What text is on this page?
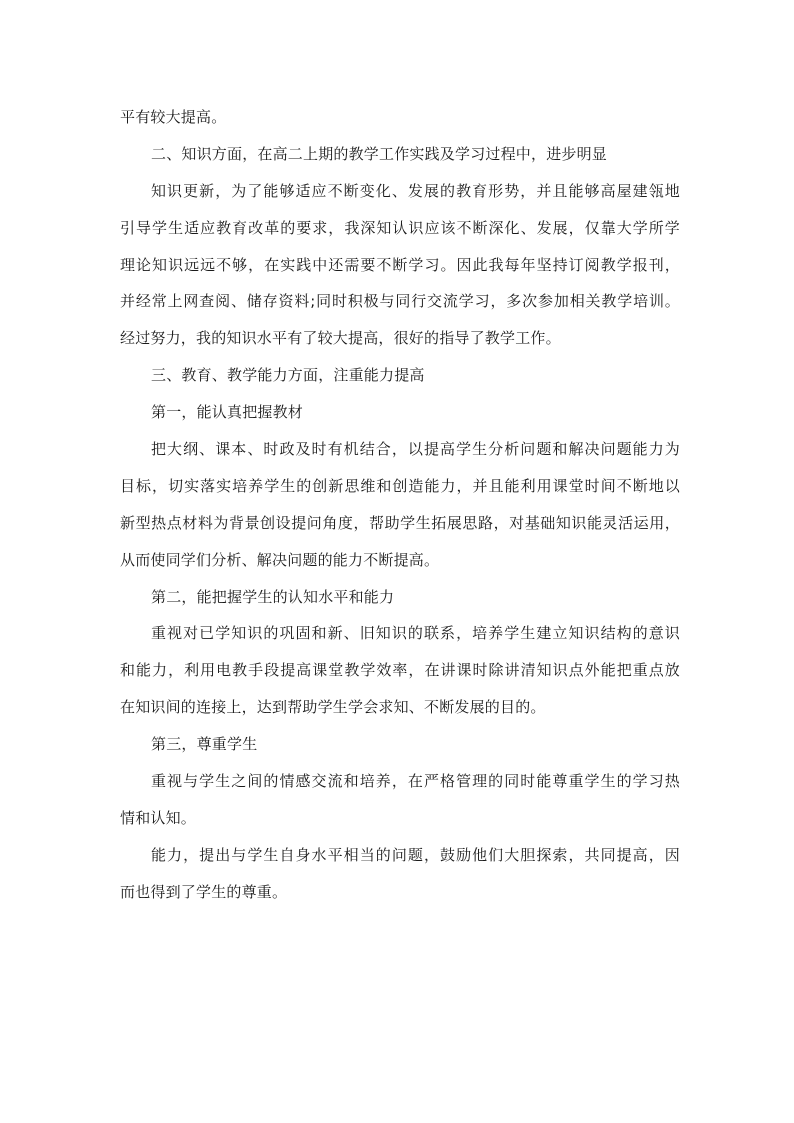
平有较大提高。
二、知识方面，在高二上期的教学工作实践及学习过程中，进步明显
知识更新，为了能够适应不断变化、发展的教育形势，并且能够高屋建瓴地
引导学生适应教育改革的要求，我深知认识应该不断深化、发展，仅靠大学所学
理论知识远远不够，在实践中还需要不断学习。因此我每年坚持订阅教学报刊，
并经常上网查阅、储存资料;同时积极与同行交流学习，多次参加相关教学培训。
经过努力，我的知识水平有了较大提高，很好的指导了教学工作。
三、教育、教学能力方面，注重能力提高
第一，能认真把握教材
把大纲、课本、时政及时有机结合，以提高学生分析问题和解决问题能力为
目标，切实落实培养学生的创新思维和创造能力，并且能利用课堂时间不断地以
新型热点材料为背景创设提问角度，帮助学生拓展思路，对基础知识能灵活运用，
从而使同学们分析、解决问题的能力不断提高。
第二，能把握学生的认知水平和能力
重视对已学知识的巩固和新、旧知识的联系，培养学生建立知识结构的意识
和能力，利用电教手段提高课堂教学效率，在讲课时除讲清知识点外能把重点放
在知识间的连接上，达到帮助学生学会求知、不断发展的目的。
第三，尊重学生
重视与学生之间的情感交流和培养，在严格管理的同时能尊重学生的学习热
情和认知。
能力，提出与学生自身水平相当的问题，鼓励他们大胆探索，共同提高，因
而也得到了学生的尊重。
